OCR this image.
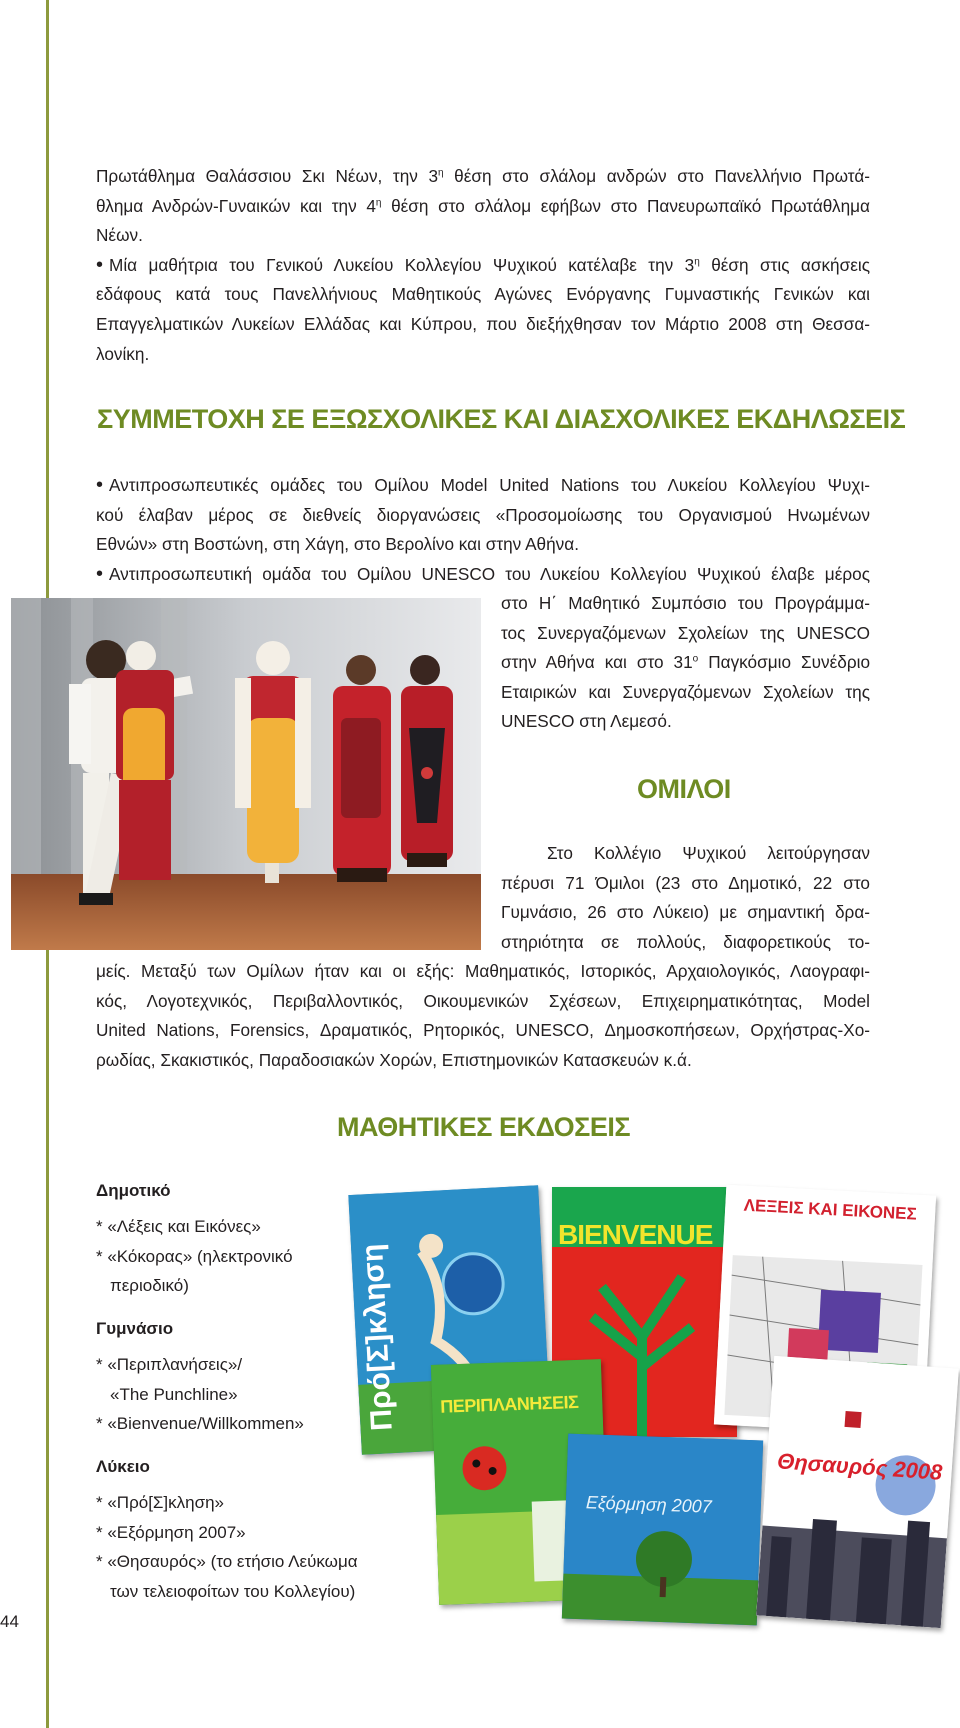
44
Πρωτάθλημα Θαλάσσιου Σκι Νέων, την $3^\eta$ θέση στο σλάλομ ανδρών στο Πανελλήνιο Πρωτά-
θλημα Ανδρών-Γυναικών και την $4^\eta$ θέση στο σλάλομ εφήβων στο Πανευρωπαϊκό Πρωτάθλημα
Νέων.
• Μία μαθήτρια του Γενικού Λυκείου Κολλεγίου Ψυχικού κατέλαβε την $3^\eta$ θέση στις ασκήσεις
εδάφους κατά τους Πανελλήνιους Μαθητικούς Αγώνες Ενόργανης Γυμναστικής Γενικών και
Επαγγελματικών Λυκείων Ελλάδας και Κύπρου, που διεξήχθησαν τον Μάρτιο 2008 στη Θεσσα-
λονίκη.
ΣΥΜΜΕΤΟΧΗ ΣΕ ΕΞΩΣΧΟΛΙΚΕΣ ΚΑΙ ΔΙΑΣΧΟΛΙΚΕΣ ΕΚΔΗΛΩΣΕΙΣ
• Αντιπροσωπευτικές ομάδες του Ομίλου Model United Nations του Λυκείου Κολλεγίου Ψυχι-
κού έλαβαν μέρος σε διεθνείς διοργανώσεις «Προσομοίωσης του Οργανισμού Ηνωμένων
Εθνών» στη Βοστώνη, στη Χάγη, στο Βερολίνο και στην Αθήνα.
• Αντιπροσωπευτική ομάδα του Ομίλου UNESCO του Λυκείου Κολλεγίου Ψυχικού έλαβε μέρος
στο Η΄ Μαθητικό Συμπόσιο του Προγράμμα-
τος Συνεργαζόμενων Σχολείων της UNESCO
στην Αθήνα και στο $31^o$ Παγκόσμιο Συνέδριο
Εταιρικών και Συνεργαζόμενων Σχολείων της
UNESCO στη Λεμεσό.
ΟΜΙΛΟΙ
Στο Κολλέγιο Ψυχικού λειτούργησαν
πέρυσι 71 Όμιλοι (23 στο Δημοτικό, 22 στο
Γυμνάσιο, 26 στο Λύκειο) με σημαντική δρα-
στηριότητα σε πολλούς, διαφορετικούς το-
μείς. Μεταξύ των Ομίλων ήταν και οι εξής: Μαθηματικός, Ιστορικός, Αρχαιολογικός, Λαογραφι-
κός, Λογοτεχνικός, Περιβαλλοντικός, Οικουμενικών Σχέσεων, Επιχειρηματικότητας, Model
United Nations, Forensics, Δραματικός, Ρητορικός, UNESCO, Δημοσκοπήσεων, Ορχήστρας-Χο-
ρωδίας, Σκακιστικός, Παραδοσιακών Χορών, Επιστημονικών Κατασκευών κ.ά.
ΜΑΘΗΤΙΚΕΣ ΕΚΔΟΣΕΙΣ
Δημοτικό
* «Λέξεις και Εικόνες»
* «Κόκορας» (ηλεκτρονικό
περιοδικό)
Γυμνάσιο
* «Περιπλανήσεις»/
«The Punchline»
* «Bienvenue/Willkommen»
Λύκειο
* «Πρό[Σ]κληση»
* «Εξόρμηση 2007»
* «Θησαυρός» (το ετήσιο Λεύκωμα
των τελειοφοίτων του Κολλεγίου)
Πρό[Σ]κληση
BIENVENUE
ΛΕΞΕΙΣ ΚΑΙ ΕΙΚΟΝΕΣ
ΠΕΡΙΠΛΑΝΗΣΕΙΣ
Εξόρμηση 2007
Θησαυρός 2008
